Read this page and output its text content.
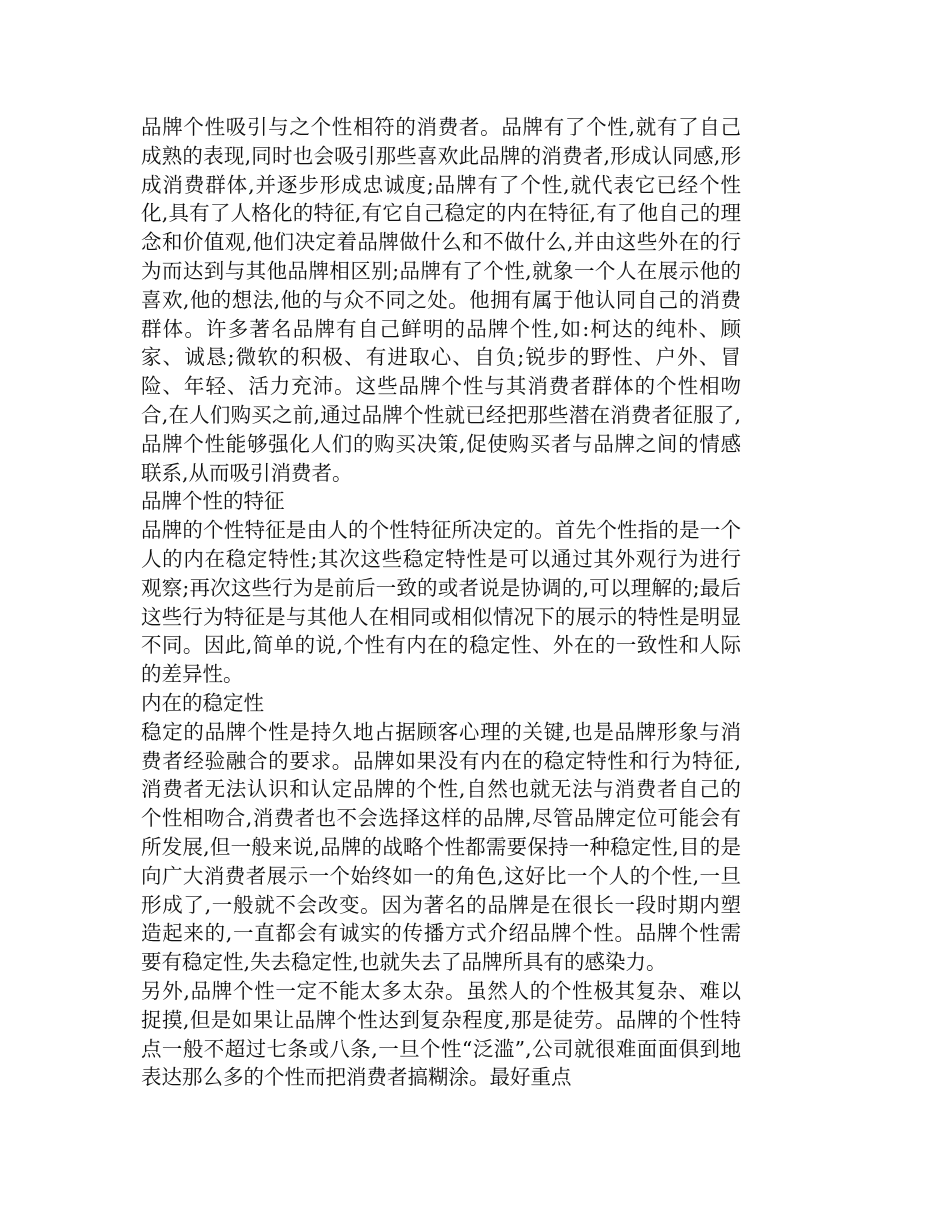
品牌个性吸引与之个性相符的消费者。品牌有了个性,就有了自己成熟的表现,同时也会吸引那些喜欢此品牌的消费者,形成认同感,形成消费群体,并逐步形成忠诚度;品牌有了个性,就代表它已经个性化,具有了人格化的特征,有它自己稳定的内在特征,有了他自己的理念和价值观,他们决定着品牌做什么和不做什么,并由这些外在的行为而达到与其他品牌相区别;品牌有了个性,就象一个人在展示他的喜欢,他的想法,他的与众不同之处。他拥有属于他认同自己的消费群体。许多著名品牌有自己鲜明的品牌个性,如:柯达的纯朴、顾家、诚恳;微软的积极、有进取心、自负;锐步的野性、户外、冒险、年轻、活力充沛。这些品牌个性与其消费者群体的个性相吻合,在人们购买之前,通过品牌个性就已经把那些潜在消费者征服了,品牌个性能够强化人们的购买决策,促使购买者与品牌之间的情感联系,从而吸引消费者。

品牌个性的特征

品牌的个性特征是由人的个性特征所决定的。首先个性指的是一个人的内在稳定特性;其次这些稳定特性是可以通过其外观行为进行观察;再次这些行为是前后一致的或者说是协调的,可以理解的;最后这些行为特征是与其他人在相同或相似情况下的展示的特性是明显不同。因此,简单的说,个性有内在的稳定性、外在的一致性和人际的差异性。

内在的稳定性

稳定的品牌个性是持久地占据顾客心理的关键,也是品牌形象与消费者经验融合的要求。品牌如果没有内在的稳定特性和行为特征,消费者无法认识和认定品牌的个性,自然也就无法与消费者自己的个性相吻合,消费者也不会选择这样的品牌,尽管品牌定位可能会有所发展,但一般来说,品牌的战略个性都需要保持一种稳定性,目的是向广大消费者展示一个始终如一的角色,这好比一个人的个性,一旦形成了,一般就不会改变。因为著名的品牌是在很长一段时期内塑造起来的,一直都会有诚实的传播方式介绍品牌个性。品牌个性需要有稳定性,失去稳定性,也就失去了品牌所具有的感染力。

另外,品牌个性一定不能太多太杂。虽然人的个性极其复杂、难以捉摸,但是如果让品牌个性达到复杂程度,那是徒劳。品牌的个性特点一般不超过七条或八条,一旦个性“泛滥”,公司就很难面面俱到地表达那么多的个性而把消费者搞糊涂。最好重点
